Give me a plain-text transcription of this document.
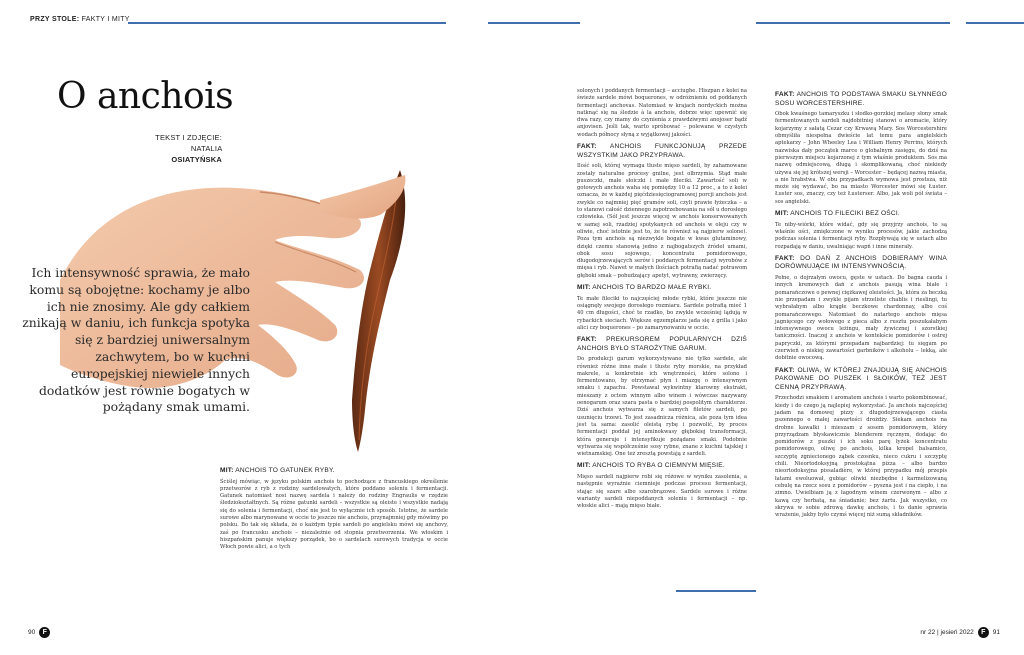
PRZY STOLE: FAKTY I MITY
O anchois
TEKST I ZDJĘCIE:
NATALIA OSIATYŃSKA
Ich intensywność sprawia, że mało komu są obojętne: kochamy je albo ich nie znosimy. Ale gdy całkiem znikają w daniu, ich funkcja spotyka się z bardziej uniwersalnym zachwytem, bo w kuchni europejskiej niewiele innych dodatków jest równie bogatych w pożądany smak umami.
MIT: ANCHOIS TO GATUNEK RYBY.

Ściślej mówiąc, w języku polskim anchois to pochodzące z francuskiego określenie przetworów z ryb z rodziny sardelowatych, które poddano soleniu i fermentacji. Gatunek natomiast nosi nazwę sardela i należy do rodziny Engraulis w rzędzie śledziokształtnych. Są różne gatunki sardeli – wszystkie są oleiste i wszystkie nadają się do solenia i fermentacji, choć nie jest to wyłącznie ich sposób. Istotne, że sardele surowe albo marynowane w occie to jeszcze nie anchois, przynajmniej gdy mówimy po polsku. Bo tak się składa, że o każdym typie sardeli po angielsku mówi się anchovy, zaś po francusku anchois – niezależnie od stopnia przetworzenia. We włoskim i hiszpańskim panuje większy porządek, bo o sardelach surowych tradycja w occie Włoch powie alici, a o tych

solonych i poddanych fermentacji – acciughe. Hiszpan z kolei na świeże sardele mówi boquerones, w odróżnieniu od poddanych fermentacji anchovas. Natomiast w krajach nordyckich można natknąć się na śledzie à la anchois, dobrze więc upewnić się dwa razy, czy mamy do czynienia z prawdziwymi anojoser bądź anjovisen. Jeśli tak, warto spróbować – polewane w czystych wodach północy słyną z wyjątkowej jakości.

FAKT: ANCHOIS FUNKCJONUJĄ PRZEDE WSZYSTKIM JAKO PRZYPRAWA.

Ilość soli, której wymaga tłuste mięso sardeli, by zahamowane zostały naturalne procesy gnilne, jest olbrzymia. Stąd małe puszeczki, małe słoiczki i małe fileciki. Zawartość soli w gotowych anchois waha się pomiędzy 10 a 12 proc., a to z kolei oznacza, że w każdej pięćdziesięciogramowej porcji anchois jest zwykle co najmniej pięć gramów soli, czyli prawie łyżeczka – a to stanowi całość dziennego zapotrzebowania na sól u dorosłego człowieka. (Sól jest jeszcze więcej w anchois konserwowanych w samej soli, rzadziej spotykanych od anchois w oleju czy w oliwie, choć istotnie jest to, że te również są najpierw solone). Poza tym anchois są niezwykle bogate w kwas glutaminowy, dzięki czemu stanowią jedno z najbogatszych źródeł umami, obok sosu sojowego, koncentratu pomidorowego, długodojrzewających serów i poddanych fermentacji wyrobów z mięsa i ryb. Nawet w małych ilościach potrafią nadać potrawom głęboki smak – pobudzający apetyt, wytrawny, zwierzęcy.

MIT: ANCHOIS TO BARDZO MAŁE RYBKI.

Te małe fileciki to najczęściej młode rybki, które jeszcze nie osiągnęły swojego dorosłego rozmiaru. Sardele potrafią mieć 1 40 cm długości, choć te rzadko, bo zwykle wcześniej lądują w rybackich sieciach. Większe egzemplarze jada się z grilla i jako alici czy boquerones – po zamarynowaniu w occie.

FAKT: PREKURSOREM POPULARNYCH DZIŚ ANCHOIS BYŁO STAROŻYTNE GARUM.

Do produkcji garum wykorzystywano nie tylko sardele, ale również różne inne małe i tłuste ryby morskie, na przykład makrele, a konkretnie ich wnętrzności, które solono i fermentowano, by otrzymać płyn i miazgę o intensywnym smaku i zapachu. Powstawał wykwintny klarowny ekstrakt, mieszany z octem winnym albo winem i wówczas nazywany oenogarum oraz szara pasta o bardziej pospolitym charakterze. Dziś anchois wytwarza się z samych filetów sardeli, po usunięciu trzewi. To jest zasadnicza różnica, ale poza tym idea jest ta sama: zasolić oleistą rybę i pozwolić, by proces fermentacji poddał jej aminokwasy głębokiej transformacji, która generuje i intensyfikuje pożądane smaki. Podobnie wytwarza się współcześnie sosy rybne, znane z kuchni tajskiej i wietnamskiej. One też zresztą powstają z sardeli.

MIT: ANCHOIS TO RYBA O CIEMNYM MIĘSIE.

Mięso sardeli najpierw robi się różowe w wyniku zasolenia, a następnie wyraźnie ciemnieje podczas procesu fermentacji, stając się szare albo szarobrązowe. Sardele surowe i różne warianty sardeli niepoddanych soleniu i fermentacji – np. włoskie alici – mają mięso białe.

FAKT: ANCHOIS TO PODSTAWA SMAKU SŁYNNEGO SOSU WORCESTERSHIRE.

Obok kwaśnego tamaryszku i słodko-gorzkiej melasy słony smak fermentowanych sardeli najdobitniej stanowi o aromacie, który kojarzymy z sałatą Cezar czy Krwawą Mary. Sos Worcestershire obmyśliła niespełna dwieście lat temu para angielskich aptekarzy – John Wheeley Lea i William Henry Perrins, których nazwiska dały początek marce o globalnym zasięgu, do dziś na pierwszym miejscu kojarzonej z tym właśnie produktem. Sos ma nazwę odmiejscową, długą i skomplikowaną, choć niekiedy używa się jej krótszej wersji – Worcester – będącej nazwą miasta, a nie hrabstwa. W obu przypadkach wymowa jest prostsza, niż może się wydawać, bo na miasto Worcester mówi się Łuster. Łuster sos, znaczy, czy też Łusterser. Albo, jak woli pół świata – sos angielski.

MIT: ANCHOIS TO FILECIKI BEZ OŚCI.

Te niby-wiórki, które widać, gdy się przyjrzy anchois, to są właśnie ości, zmiękczone w wyniku procesów, jakie zachodzą podczas solenia i fermentacji ryby. Rozpływają się w ustach albo rozpadają w daniu, uwalniając wapń i inne minerały.

FAKT: DO DAŃ Z ANCHOIS DOBIERAMY WINA DORÓWNUJĄCE IM INTENSYWNOŚCIĄ.

Pełne, o dojrzałym owocu, gęste w ustach. Do bagna cauda i innych kremowych dań z anchois pasują wina białe i pomarańczowe o pewnej ciężkawej oleistości. Ja, która za beczką nie przepadam i zwykle pijam strzeliste chablis i rieslingi, tu wybrałabym albo krągłe beczkowe chardonnay, albo coś pomarańczowego. Natomiast do natartego anchois mięsa jagnięcego czy wołowego z pieca albo z rusztu poszukałabym intensywnego owocu leżingu, mały żywicznej i szorstkiej taniczności. Inaczej z anchois w kontekście pomidorów i ostrej papryczki, za którymi przepadam najbardziej: tu sięgam po czerwień o niskiej zawartości garbników i alkoholu – lekką, ale dobitnie owocową.

FAKT: OLIWA, W KTÓREJ ZNAJDUJĄ SIĘ ANCHOIS PAKOWANE DO PUSZEK I SŁOIKÓW, TEŻ JEST CENNĄ PRZYPRAWĄ.

Przechodzi smakiem i aromatem anchois i warto pokombinować, kiedy i do czego ją najlepiej wykorzystać. Ja anchois najczęściej jadam na domowej pizzy z długodojrzewającego ciasta pszennego o małej zawartości drożdży. Siekam anchois na drobne kawałki i mieszam z sosem pomidorowym, który przyrządzam błyskawicznie blenderem ręcznym, dodając do pomidorów z puszki i ich soku parę łyżek koncentratu pomidorowego, oliwę po anchois, kilka kropel balsamico, szczyptę zgniecionego ząbek czosnku, nieco cukru i szczyptę chili. Nieortodoksyjną prostokątna pizza – albo bardzo nieortodoksyjna pissaladière, w której przypadku mój przepis łatami ewoluował, gubiąc oliwki niezbędne i karmelizowaną cebulę na rzecz sosu z pomidorów – pyszna jest i na ciepło, i na zimno. Uwielbiam ją z łagodnym winem czerwonym – albo z kawą czy herbatą, na śniadanie; bez żartu. Jak wszystko, co skrywa w sobie zdrową dawkę anchois, i to danie sprawia wrażenie, jakby było czymś więcej niż sumą składników.

90 F	nr 22 | jesień 2022 F 91
